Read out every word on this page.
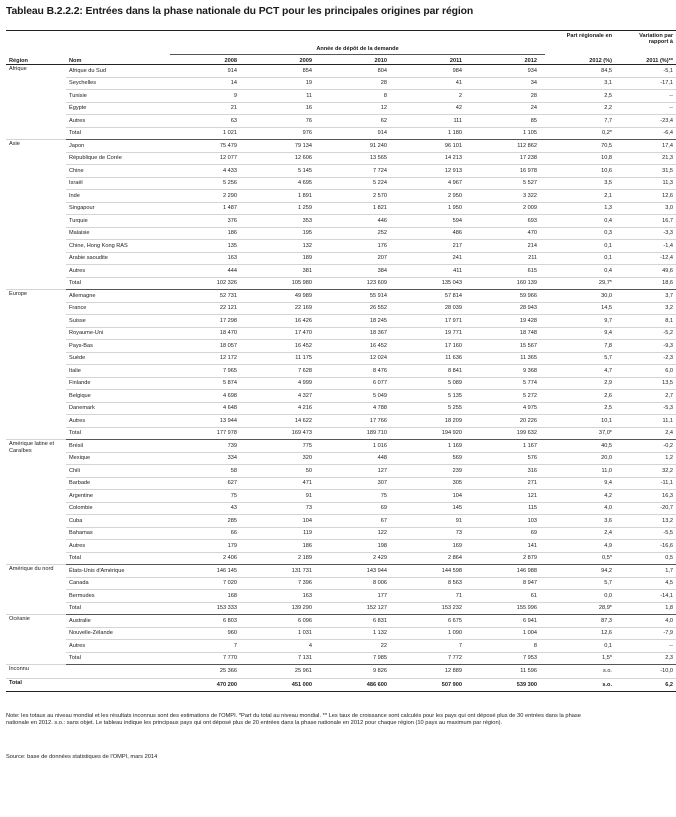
Tableau B.2.2.2: Entrées dans la phase nationale du PCT pour les principales origines par région
							Part régionale en	Variation par rapport à
		Année de dépôt de la demande						
Région	Nom	2008	2009	2010	2011	2012	2012 (%)	2011 (%)**
Afrique	Afrique du Sud	914	854	804	984	934	84,5	-5,1
	Seychelles	14	19	28	41	34	3,1	-17,1
	Tunisie	9	11	8	2	28	2,5	--
	Égypte	21	16	12	42	24	2,2	--
	Autres	63	76	62	111	85	7,7	-23,4
	Total	1 021	976	914	1 180	1 105	0,2*	-6,4
Asie	Japon	75 479	79 134	91 240	96 101	112 862	70,5	17,4
	République de Corée	12 077	12 606	13 565	14 213	17 238	10,8	21,3
	Chine	4 433	5 145	7 724	12 913	16 978	10,6	31,5
	Israël	5 256	4 695	5 224	4 967	5 527	3,5	11,3
	Inde	2 290	1 891	2 570	2 950	3 322	2,1	12,6
	Singapour	1 487	1 259	1 821	1 950	2 009	1,3	3,0
	Turquie	376	353	446	594	693	0,4	16,7
	Malaisie	186	195	252	486	470	0,3	-3,3
	Chine, Hong Kong RAS	135	132	176	217	214	0,1	-1,4
	Arabie saoudite	163	189	207	241	211	0,1	-12,4
	Autres	444	381	384	411	615	0,4	49,6
	Total	102 326	105 980	123 609	135 043	160 139	29,7*	18,6
Europe	Allemagne	52 731	49 989	55 914	57 814	59 966	30,0	3,7
	France	22 121	22 169	26 552	28 039	28 943	14,5	3,2
	Suisse	17 298	16 426	18 245	17 971	19 428	9,7	8,1
	Royaume-Uni	18 470	17 470	18 367	19 771	18 748	9,4	-5,2
	Pays-Bas	18 057	16 452	16 452	17 160	15 567	7,8	-9,3
	Suède	12 172	11 175	12 024	11 636	11 365	5,7	-2,3
	Italie	7 965	7 628	8 476	8 841	9 368	4,7	6,0
	Finlande	5 874	4 999	6 077	5 089	5 774	2,9	13,5
	Belgique	4 698	4 327	5 049	5 135	5 272	2,6	2,7
	Danemark	4 648	4 216	4 788	5 255	4 975	2,5	-5,3
	Autres	13 944	14 622	17 766	18 209	20 226	10,1	11,1
	Total	177 978	169 473	189 710	194 920	199 632	37,0*	2,4
Amérique latine et Caraïbes	Brésil	739	775	1 016	1 169	1 167	40,5	-0,2
	Mexique	334	320	448	569	576	20,0	1,2
	Chili	58	50	127	239	316	11,0	32,2
	Barbade	627	471	307	305	271	9,4	-11,1
	Argentine	75	91	75	104	121	4,2	16,3
	Colombie	43	73	69	145	115	4,0	-20,7
	Cuba	285	104	67	91	103	3,6	13,2
	Bahamas	66	119	122	73	69	2,4	-5,5
	Autres	179	186	198	169	141	4,9	-16,6
	Total	2 406	2 189	2 429	2 864	2 879	0,5*	0,5
Amérique du nord	États-Unis d'Amérique	146 145	131 731	143 944	144 598	146 988	94,2	1,7
	Canada	7 020	7 396	8 006	8 563	8 947	5,7	4,5
	Bermudes	168	163	177	71	61	0,0	-14,1
	Total	153 333	139 290	152 127	153 232	155 996	28,9*	1,8
Océanie	Australie	6 803	6 096	6 831	6 675	6 941	87,3	4,0
	Nouvelle-Zélande	960	1 031	1 132	1 090	1 004	12,6	-7,9
	Autres	7	4	22	7	8	0,1	--
	Total	7 770	7 131	7 985	7 772	7 953	1,5*	2,3
Inconnu		25 366	25 961	9 826	12 889	11 596	s.o.	-10,0
Total		470 200	451 000	486 600	507 900	539 300	s.o.	6,2
Note: les totaux au niveau mondial et les résultats inconnus sont des estimations de l'OMPI. *Part du total au niveau mondial. ** Les taux de croissance sont calculés pour les pays qui ont déposé plus de 30 entrées dans la phase nationale en 2012. s.o.: sans objet. Le tableau indique les principaux pays qui ont déposé plus de 20 entrées dans la phase nationale en 2012 pour chaque région (10 pays au maximum par région).
Source: base de données statistiques de l'OMPI, mars 2014
